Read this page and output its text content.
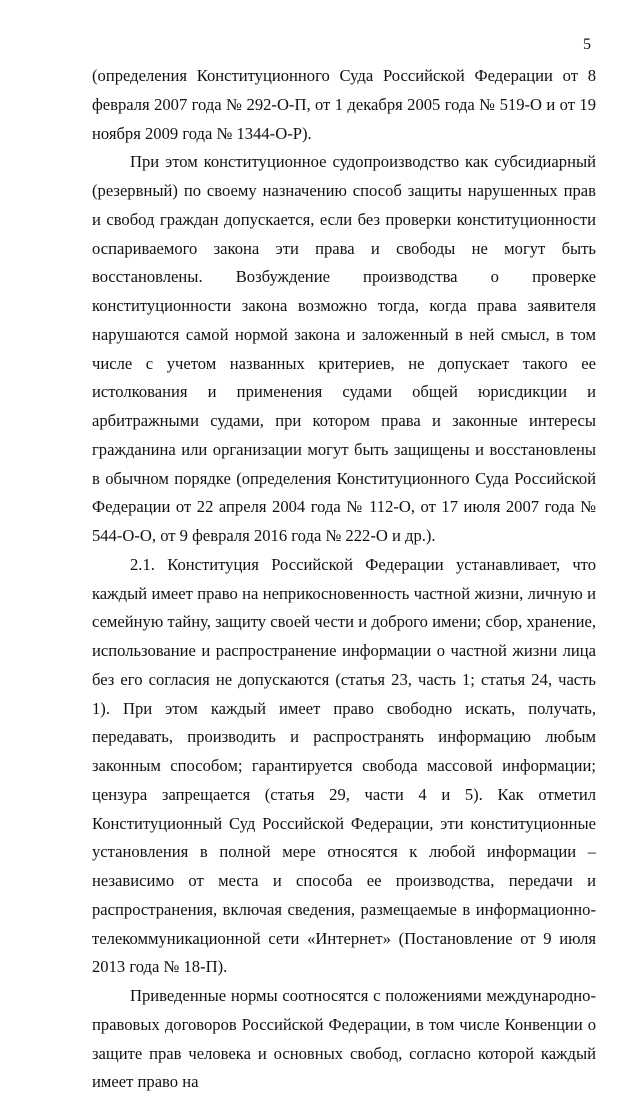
5

(определения Конституционного Суда Российской Федерации от 8 февраля 2007 года № 292-О-П, от 1 декабря 2005 года № 519-О и от 19 ноября 2009 года № 1344-О-Р).

При этом конституционное судопроизводство как субсидиарный (резервный) по своему назначению способ защиты нарушенных прав и свобод граждан допускается, если без проверки конституционности оспариваемого закона эти права и свободы не могут быть восстановлены. Возбуждение производства о проверке конституционности закона возможно тогда, когда права заявителя нарушаются самой нормой закона и заложенный в ней смысл, в том числе с учетом названных критериев, не допускает такого ее истолкования и применения судами общей юрисдикции и арбитражными судами, при котором права и законные интересы гражданина или организации могут быть защищены и восстановлены в обычном порядке (определения Конституционного Суда Российской Федерации от 22 апреля 2004 года № 112-О, от 17 июля 2007 года № 544-О-О, от 9 февраля 2016 года № 222-О и др.).

2.1. Конституция Российской Федерации устанавливает, что каждый имеет право на неприкосновенность частной жизни, личную и семейную тайну, защиту своей чести и доброго имени; сбор, хранение, использование и распространение информации о частной жизни лица без его согласия не допускаются (статья 23, часть 1; статья 24, часть 1). При этом каждый имеет право свободно искать, получать, передавать, производить и распространять информацию любым законным способом; гарантируется свобода массовой информации; цензура запрещается (статья 29, части 4 и 5). Как отметил Конституционный Суд Российской Федерации, эти конституционные установления в полной мере относятся к любой информации – независимо от места и способа ее производства, передачи и распространения, включая сведения, размещаемые в информационно-телекоммуникационной сети «Интернет» (Постановление от 9 июля 2013 года № 18-П).

Приведенные нормы соотносятся с положениями международно-правовых договоров Российской Федерации, в том числе Конвенции о защите прав человека и основных свобод, согласно которой каждый имеет право на
